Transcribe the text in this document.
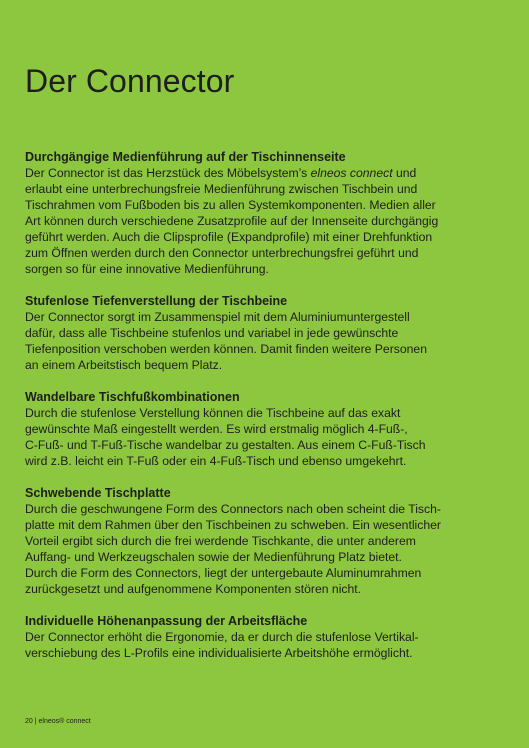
Der Connector
Durchgängige Medienführung auf der Tischinnenseite

Der Connector ist das Herzstück des Möbelsystem’s elneos connect und
erlaubt eine unterbrechungsfreie Medienführung zwischen Tischbein und
Tischrahmen vom Fußboden bis zu allen Systemkomponenten. Medien aller
Art können durch verschiedene Zusatzprofile auf der Innenseite durchgängig
geführt werden. Auch die Clipsprofile (Expandprofile) mit einer Drehfunktion
zum Öffnen werden durch den Connector unterbrechungsfrei geführt und
sorgen so für eine innovative Medienführung.

Stufenlose Tiefenverstellung der Tischbeine

Der Connector sorgt im Zusammenspiel mit dem Aluminiumuntergestell
dafür, dass alle Tischbeine stufenlos und variabel in jede gewünschte
Tiefenposition verschoben werden können. Damit finden weitere Personen
an einem Arbeitstisch bequem Platz.

Wandelbare Tischfußkombinationen

Durch die stufenlose Verstellung können die Tischbeine auf das exakt
gewünschte Maß eingestellt werden. Es wird erstmalig möglich 4-Fuß-,
C-Fuß- und T-Fuß-Tische wandelbar zu gestalten. Aus einem C-Fuß-Tisch
wird z.B. leicht ein T-Fuß oder ein 4-Fuß-Tisch und ebenso umgekehrt.

Schwebende Tischplatte

Durch die geschwungene Form des Connectors nach oben scheint die Tisch-
platte mit dem Rahmen über den Tischbeinen zu schweben. Ein wesentlicher
Vorteil ergibt sich durch die frei werdende Tischkante, die unter anderem
Auffang- und Werkzeugschalen sowie der Medienführung Platz bietet.
Durch die Form des Connectors, liegt der untergebaute Aluminumrahmen
zurückgesetzt und aufgenommene Komponenten stören nicht.

Individuelle Höhenanpassung der Arbeitsfläche

Der Connector erhöht die Ergonomie, da er durch die stufenlose Vertikal-
verschiebung des L-Profils eine individualisierte Arbeitshöhe ermöglicht.

20 | elneos® connect
